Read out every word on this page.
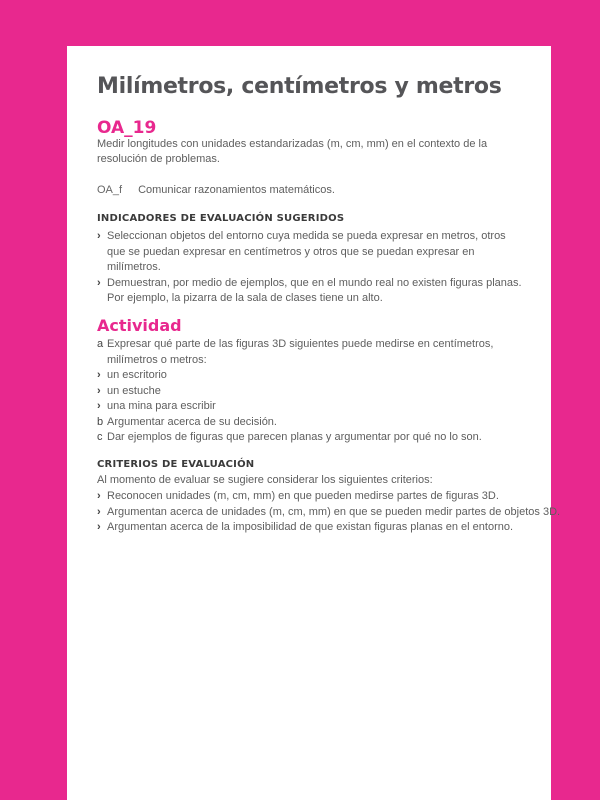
Milímetros, centímetros y metros
OA_19
Medir longitudes con unidades estandarizadas (m, cm, mm) en el contexto de la resolución de problemas.
OA_f Comunicar razonamientos matemáticos.
INDICADORES DE EVALUACIÓN SUGERIDOS
› Seleccionan objetos del entorno cuya medida se pueda expresar en metros, otros que se puedan expresar en centímetros y otros que se puedan expresar en milímetros.
› Demuestran, por medio de ejemplos, que en el mundo real no existen figuras planas. Por ejemplo, la pizarra de la sala de clases tiene un alto.
Actividad
a Expresar qué parte de las figuras 3D siguientes puede medirse en centímetros, milímetros o metros:
› un escritorio
› un estuche
› una mina para escribir
b Argumentar acerca de su decisión.
c Dar ejemplos de figuras que parecen planas y argumentar por qué no lo son.
CRITERIOS DE EVALUACIÓN
Al momento de evaluar se sugiere considerar los siguientes criterios:
› Reconocen unidades (m, cm, mm) en que pueden medirse partes de figuras 3D.
› Argumentan acerca de unidades (m, cm, mm) en que se pueden medir partes de objetos 3D.
› Argumentan acerca de la imposibilidad de que existan figuras planas en el entorno.
